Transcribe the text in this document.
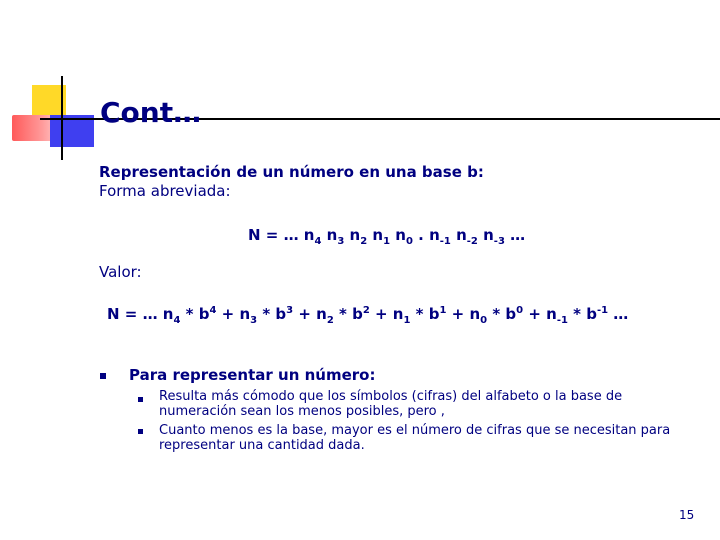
Cont…
Representación de un número en una base b:
Forma abreviada:
N = … $n_4$ $n_3$ $n_2$ $n_1$ $n_0$ . $n_{-1}$ $n_{-2}$ $n_{-3}$ …
Valor:
N = … $n_4 * b^4 + n_3 * b^3 + n_2 * b^2 + n_1 * b^1 + n_0 * b^0 + n_{-1} * b^{-1}$ …
Para representar un número:
Resulta más cómodo que los símbolos (cifras) del alfabeto o la base de numeración sean los menos posibles, pero ,
Cuanto menos es la base, mayor es el número de cifras que se necesitan para representar una cantidad dada.
15
